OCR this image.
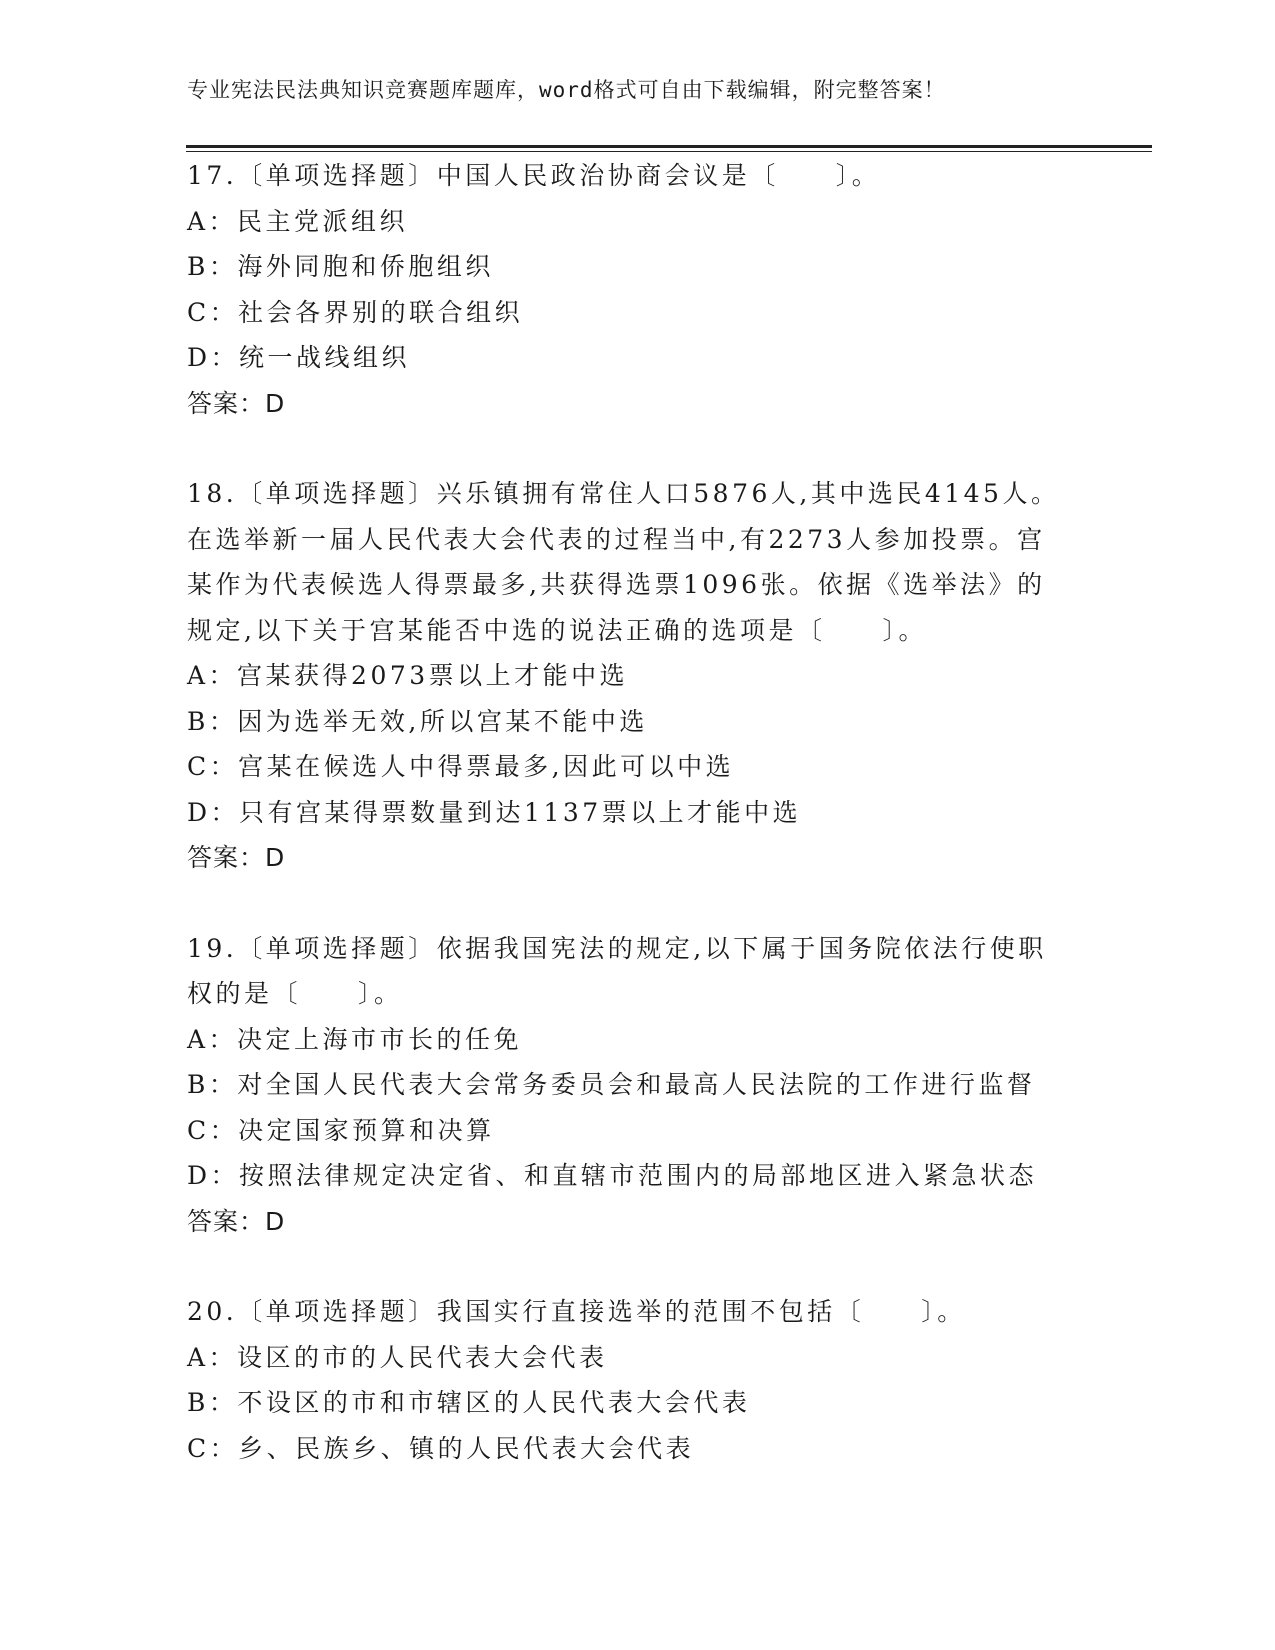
专业宪法民法典知识竞赛题库题库，word格式可自由下载编辑，附完整答案！
17.〔单项选择题〕中国人民政治协商会议是〔　　〕。
A：民主党派组织
B：海外同胞和侨胞组织
C：社会各界别的联合组织
D：统一战线组织
答案：D
18.〔单项选择题〕兴乐镇拥有常住人口5876人,其中选民4145人。
在选举新一届人民代表大会代表的过程当中,有2273人参加投票。宫
某作为代表候选人得票最多,共获得选票1096张。依据《选举法》的
规定,以下关于宫某能否中选的说法正确的选项是〔　　〕。
A：宫某获得2073票以上才能中选
B：因为选举无效,所以宫某不能中选
C：宫某在候选人中得票最多,因此可以中选
D：只有宫某得票数量到达1137票以上才能中选
答案：D
19.〔单项选择题〕依据我国宪法的规定,以下属于国务院依法行使职
权的是〔　　〕。
A：决定上海市市长的任免
B：对全国人民代表大会常务委员会和最高人民法院的工作进行监督
C：决定国家预算和决算
D：按照法律规定决定省、和直辖市范围内的局部地区进入紧急状态
答案：D
20.〔单项选择题〕我国实行直接选举的范围不包括〔　　〕。
A：设区的市的人民代表大会代表
B：不设区的市和市辖区的人民代表大会代表
C：乡、民族乡、镇的人民代表大会代表
